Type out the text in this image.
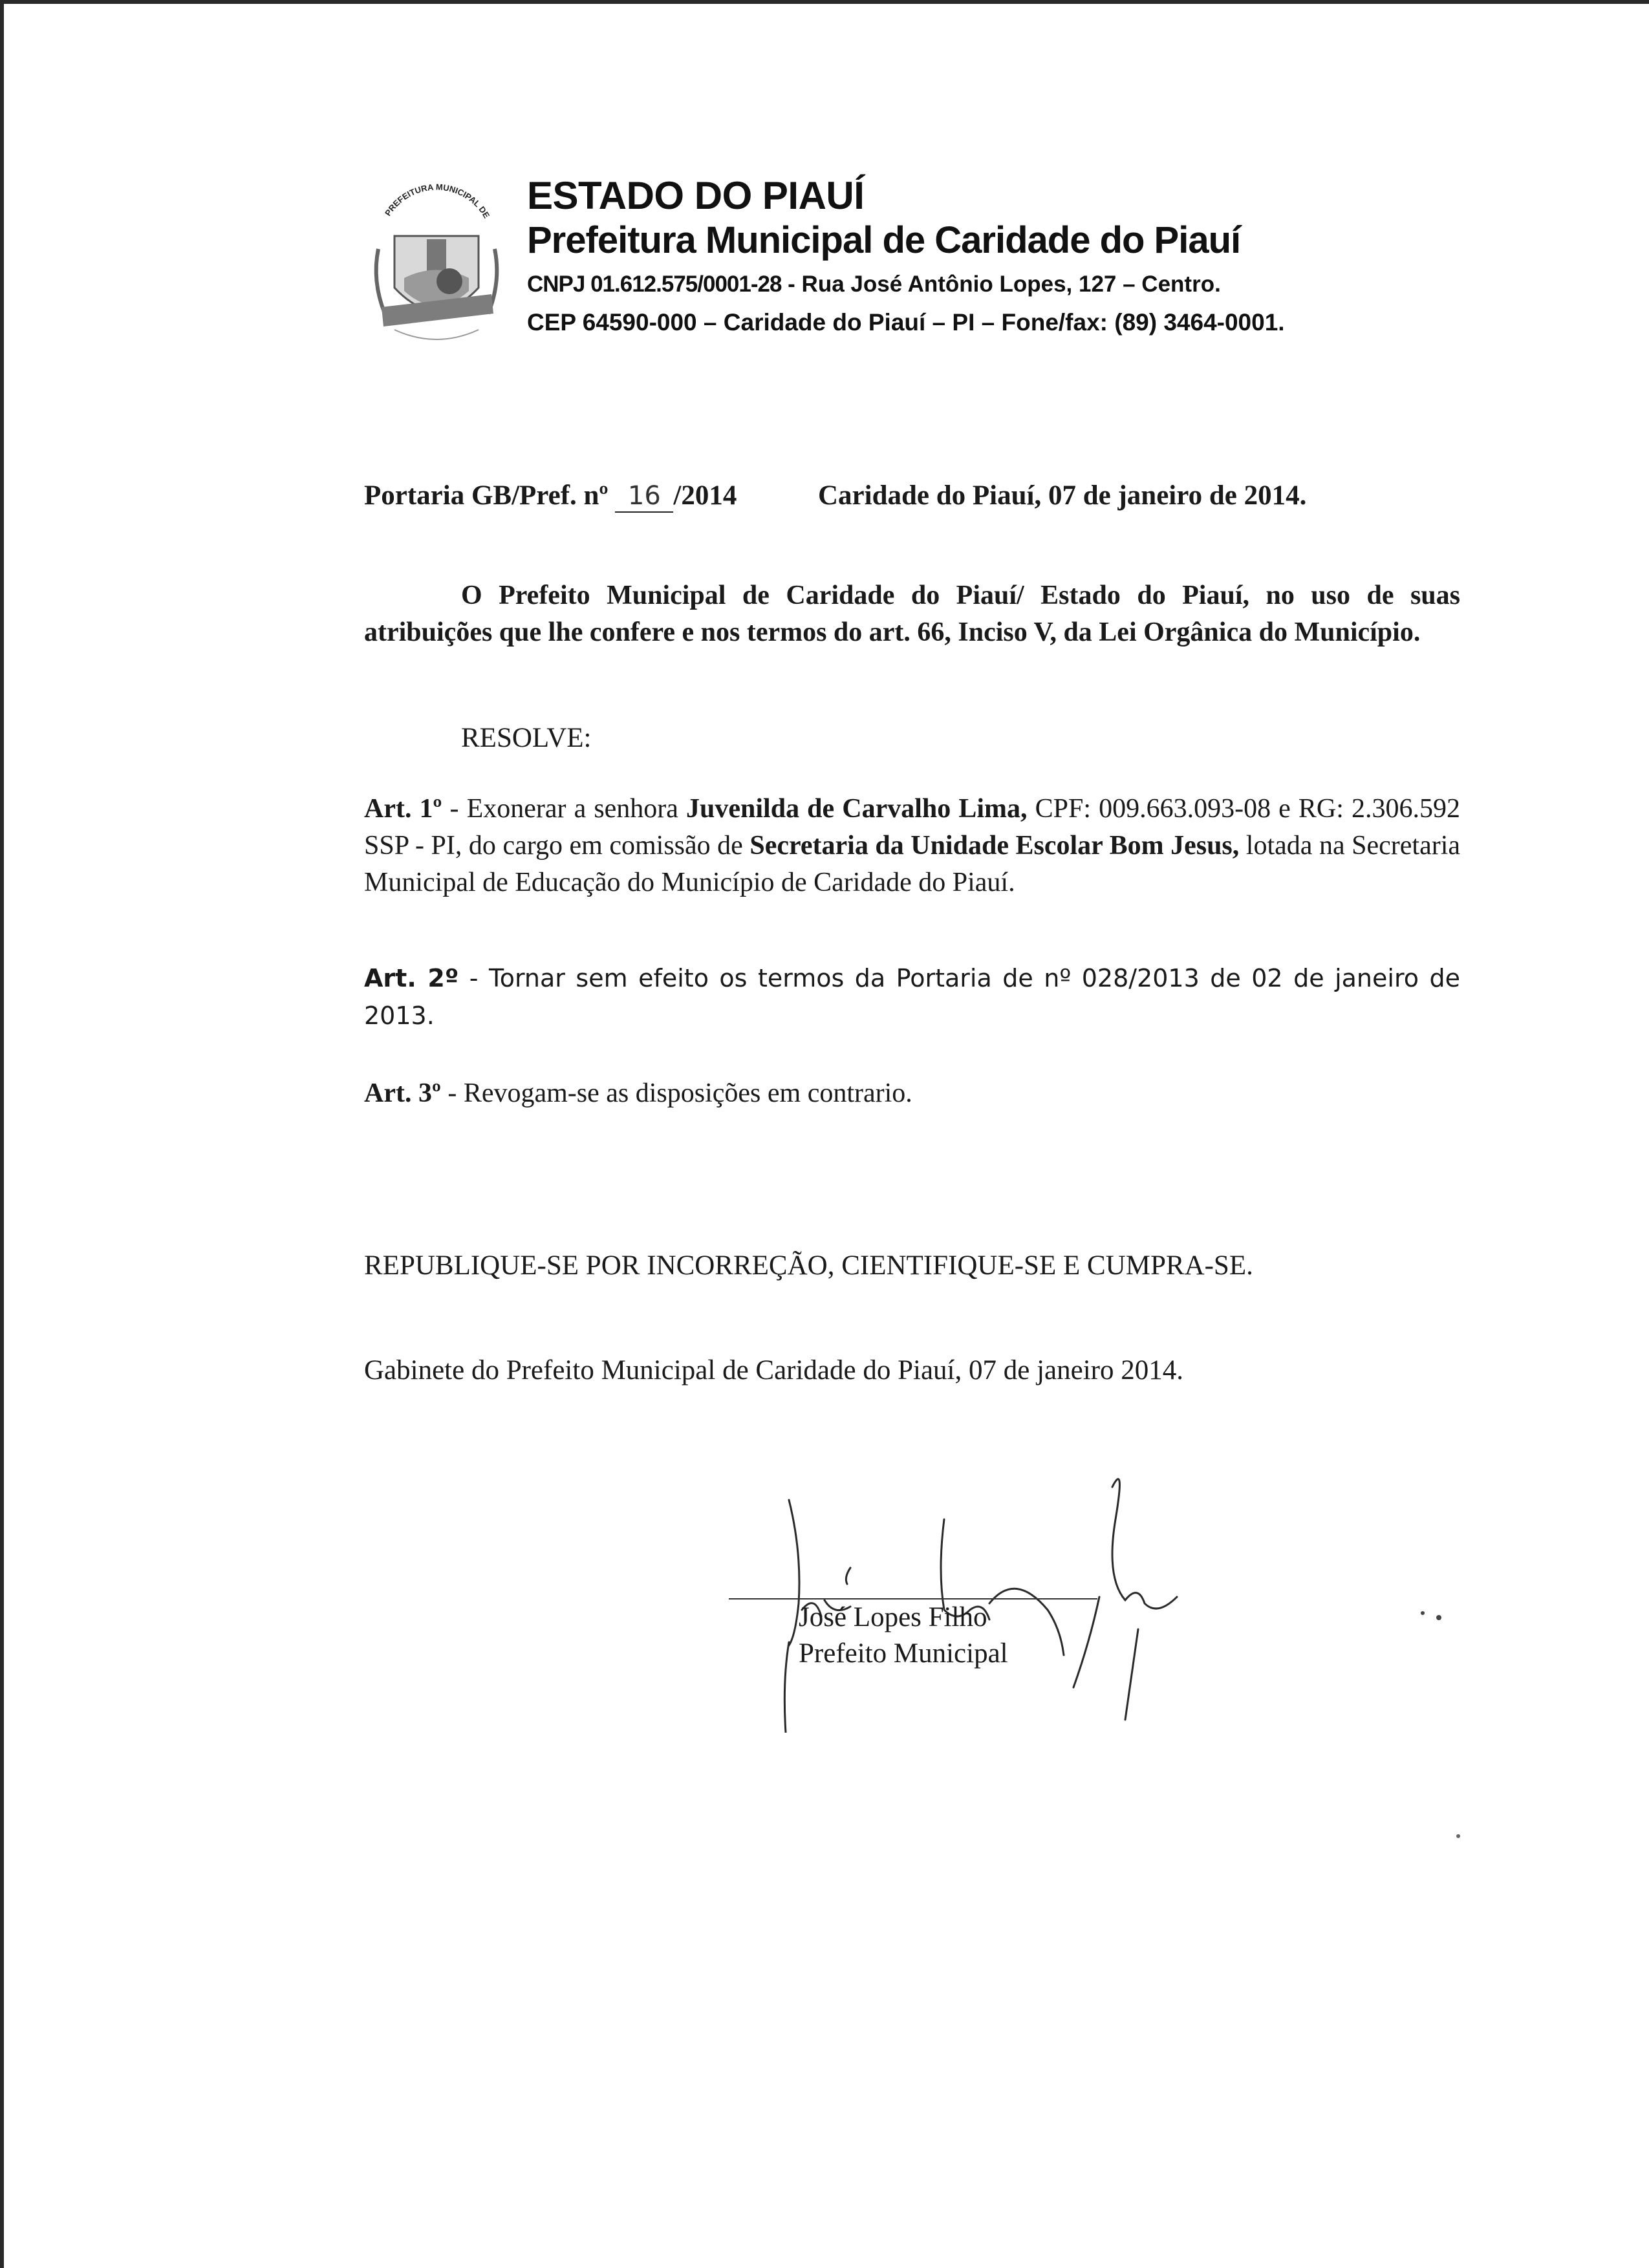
PREFEITURA MUNICIPAL DE ESTADO DO PIAUÍ
Prefeitura Municipal de Caridade do Piauí
CNPJ 01.612.575/0001-28 - Rua José Antônio Lopes, 127 – Centro.
CEP 64590-000 – Caridade do Piauí – PI – Fone/fax: (89) 3464-0001.
Portaria GB/Pref. nº 16 /2014	Caridade do Piauí, 07 de janeiro de 2014.
O Prefeito Municipal de Caridade do Piauí/ Estado do Piauí, no uso de suas atribuições que lhe confere e nos termos do art. 66, Inciso V, da Lei Orgânica do Município.
RESOLVE:
Art. 1º - Exonerar a senhora Juvenilda de Carvalho Lima, CPF: 009.663.093-08 e RG: 2.306.592 SSP - PI, do cargo em comissão de Secretaria da Unidade Escolar Bom Jesus, lotada na Secretaria Municipal de Educação do Município de Caridade do Piauí.
Art. 2º - Tornar sem efeito os termos da Portaria de nº 028/2013 de 02 de janeiro de 2013.
Art. 3º - Revogam-se as disposições em contrario.
REPUBLIQUE-SE POR INCORREÇÃO, CIENTIFIQUE-SE E CUMPRA-SE.
Gabinete do Prefeito Municipal de Caridade do Piauí, 07 de janeiro 2014.
José Lopes Filho
Prefeito Municipal
